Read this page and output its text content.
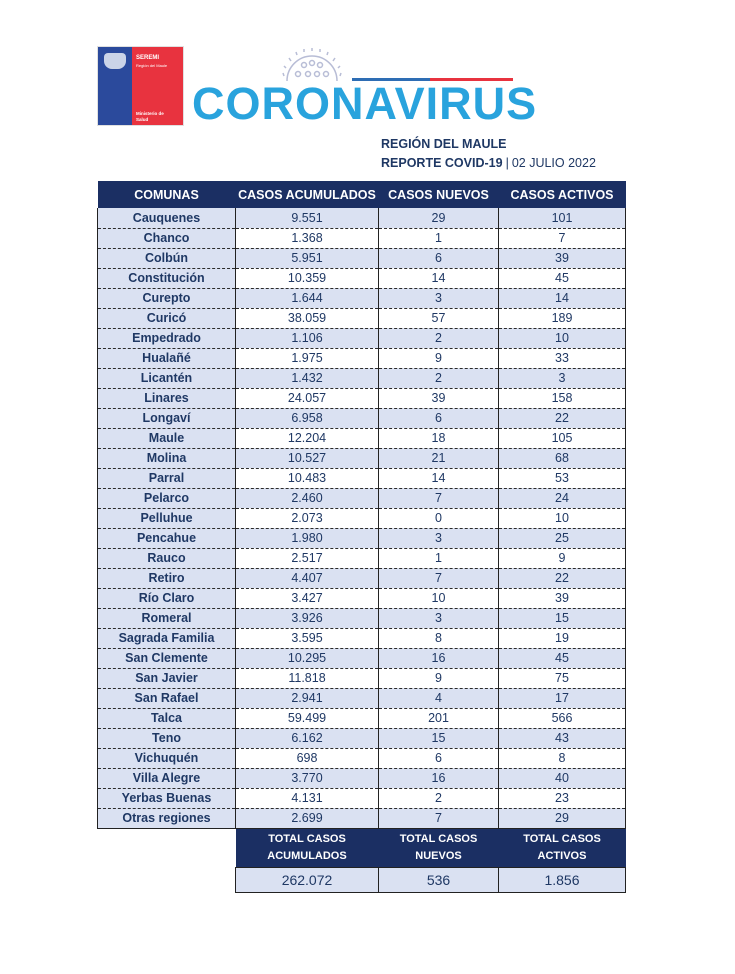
SEREMI
Región del Maule
Ministerio de
Salud CORONAVIRUS
REGIÓN DEL MAULE
REPORTE COVID-19 | 02 JULIO 2022
COMUNAS	CASOS ACUMULADOS	CASOS NUEVOS	CASOS ACTIVOS
Cauquenes	9.551	29	101
Chanco	1.368	1	7
Colbún	5.951	6	39
Constitución	10.359	14	45
Curepto	1.644	3	14
Curicó	38.059	57	189
Empedrado	1.106	2	10
Hualañé	1.975	9	33
Licantén	1.432	2	3
Linares	24.057	39	158
Longaví	6.958	6	22
Maule	12.204	18	105
Molina	10.527	21	68
Parral	10.483	14	53
Pelarco	2.460	7	24
Pelluhue	2.073	0	10
Pencahue	1.980	3	25
Rauco	2.517	1	9
Retiro	4.407	7	22
Río Claro	3.427	10	39
Romeral	3.926	3	15
Sagrada Familia	3.595	8	19
San Clemente	10.295	16	45
San Javier	11.818	9	75
San Rafael	2.941	4	17
Talca	59.499	201	566
Teno	6.162	15	43
Vichuquén	698	6	8
Villa Alegre	3.770	16	40
Yerbas Buenas	4.131	2	23
Otras regiones	2.699	7	29
TOTAL CASOS
ACUMULADOS

TOTAL CASOS
NUEVOS

TOTAL CASOS
ACTIVOS

262.072	536	1.856
